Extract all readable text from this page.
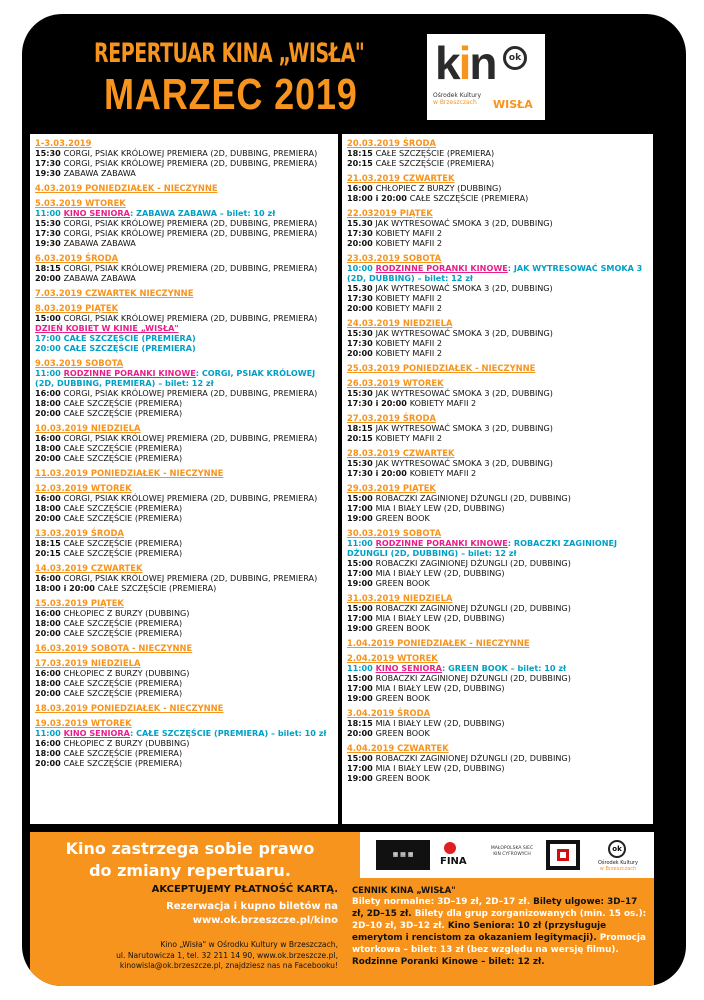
REPERTUAR KINA „WISŁA"
MARZEC 2019
1-3.03.2019
15:30 CORGI, PSIAK KRÓLOWEJ PREMIERA (2D, DUBBING, PREMIERA)
17:30 CORGI, PSIAK KRÓLOWEJ PREMIERA (2D, DUBBING, PREMIERA)
19:30 ZABAWA ZABAWA
4.03.2019 PONIEDZIAŁEK - NIECZYNNE
5.03.2019 WTOREK
11:00 KINO SENIORA: ZABAWA ZABAWA – bilet: 10 zł
15:30 CORGI, PSIAK KRÓLOWEJ PREMIERA (2D, DUBBING, PREMIERA)
17:30 CORGI, PSIAK KRÓLOWEJ PREMIERA (2D, DUBBING, PREMIERA)
19:30 ZABAWA ZABAWA
6.03.2019 ŚRODA
18:15 CORGI, PSIAK KRÓLOWEJ PREMIERA (2D, DUBBING, PREMIERA)
20:00 ZABAWA ZABAWA
7.03.2019 CZWARTEK NIECZYNNE
8.03.2019 PIĄTEK
15:00 CORGI, PSIAK KRÓLOWEJ PREMIERA (2D, DUBBING, PREMIERA)
DZIEŃ KOBIET W KINIE „WISŁA"
17:00 CAŁE SZCZĘŚCIE (PREMIERA)
20:00 CAŁE SZCZĘŚCIE (PREMIERA)
9.03.2019 SOBOTA
11:00 RODZINNE PORANKI KINOWE: CORGI, PSIAK KRÓLOWEJ (2D, DUBBING, PREMIERA) – bilet: 12 zł
16:00 CORGI, PSIAK KRÓLOWEJ PREMIERA (2D, DUBBING, PREMIERA)
18:00 CAŁE SZCZĘŚCIE (PREMIERA)
20:00 CAŁE SZCZĘŚCIE (PREMIERA)
10.03.2019 NIEDZIELA
16:00 CORGI, PSIAK KRÓLOWEJ PREMIERA (2D, DUBBING, PREMIERA)
18:00 CAŁE SZCZĘŚCIE (PREMIERA)
20:00 CAŁE SZCZĘŚCIE (PREMIERA)
11.03.2019 PONIEDZIAŁEK - NIECZYNNE
12.03.2019 WTOREK
16:00 CORGI, PSIAK KRÓLOWEJ PREMIERA (2D, DUBBING, PREMIERA)
18:00 CAŁE SZCZĘŚCIE (PREMIERA)
20:00 CAŁE SZCZĘŚCIE (PREMIERA)
13.03.2019 ŚRODA
18:15 CAŁE SZCZĘŚCIE (PREMIERA)
20:15 CAŁE SZCZĘŚCIE (PREMIERA)
14.03.2019 CZWARTEK
16:00 CORGI, PSIAK KRÓLOWEJ PREMIERA (2D, DUBBING, PREMIERA)
18:00 i 20:00 CAŁE SZCZĘŚCIE (PREMIERA)
15.03.2019 PIĄTEK
16:00 CHŁOPIEC Z BURZY (DUBBING)
18:00 CAŁE SZCZĘŚCIE (PREMIERA)
20:00 CAŁE SZCZĘŚCIE (PREMIERA)
16.03.2019 SOBOTA - NIECZYNNE
17.03.2019 NIEDZIELA
16:00 CHŁOPIEC Z BURZY (DUBBING)
18:00 CAŁE SZCZĘŚCIE (PREMIERA)
20:00 CAŁE SZCZĘŚCIE (PREMIERA)
18.03.2019 PONIEDZIAŁEK - NIECZYNNE
19.03.2019 WTOREK
11:00 KINO SENIORA: CAŁE SZCZĘŚCIE (PREMIERA) – bilet: 10 zł
16:00 CHŁOPIEC Z BURZY (DUBBING)
18:00 CAŁE SZCZĘŚCIE (PREMIERA)
20:00 CAŁE SZCZĘŚCIE (PREMIERA)
20.03.2019 ŚRODA
18:15 CAŁE SZCZĘŚCIE (PREMIERA)
20:15 CAŁE SZCZĘŚCIE (PREMIERA)
21.03.2019 CZWARTEK
16:00 CHŁOPIEC Z BURZY (DUBBING)
18:00 i 20:00 CAŁE SZCZĘŚCIE (PREMIERA)
22.032019 PIĄTEK
15.30 JAK WYTRESOWAĆ SMOKA 3 (2D, DUBBING)
17:30 KOBIETY MAFII 2
20:00 KOBIETY MAFII 2
23.03.2019 SOBOTA
10:00 RODZINNE PORANKI KINOWE: JAK WYTRESOWAĆ SMOKA 3 (2D, DUBBING) – bilet: 12 zł
15.30 JAK WYTRESOWAĆ SMOKA 3 (2D, DUBBING)
17:30 KOBIETY MAFII 2
20:00 KOBIETY MAFII 2
24.03.2019 NIEDZIELA
15:30 JAK WYTRESOWAĆ SMOKA 3 (2D, DUBBING)
17:30 KOBIETY MAFII 2
20:00 KOBIETY MAFII 2
25.03.2019 PONIEDZIAŁEK - NIECZYNNE
26.03.2019 WTOREK
15:30 JAK WYTRESOWAĆ SMOKA 3 (2D, DUBBING)
17:30 i 20:00 KOBIETY MAFII 2
27.03.2019 ŚRODA
18:15 JAK WYTRESOWAĆ SMOKA 3 (2D, DUBBING)
20:15 KOBIETY MAFII 2
28.03.2019 CZWARTEK
15:30 JAK WYTRESOWAĆ SMOKA 3 (2D, DUBBING)
17:30 i 20:00 KOBIETY MAFII 2
29.03.2019 PIĄTEK
15:00 ROBACZKI ZAGINIONEJ DŻUNGLI (2D, DUBBING)
17:00 MIA I BIAŁY LEW (2D, DUBBING)
19:00 GREEN BOOK
30.03.2019 SOBOTA
11:00 RODZINNE PORANKI KINOWE: ROBACZKI ZAGINIONEJ DŻUNGLI (2D, DUBBING) – bilet: 12 zł
15:00 ROBACZKI ZAGINIONEJ DŻUNGLI (2D, DUBBING)
17:00 MIA I BIAŁY LEW (2D, DUBBING)
19:00 GREEN BOOK
31.03.2019 NIEDZIELA
15:00 ROBACZKI ZAGINIONEJ DŻUNGLI (2D, DUBBING)
17:00 MIA I BIAŁY LEW (2D, DUBBING)
19:00 GREEN BOOK
1.04.2019 PONIEDZIAŁEK - NIECZYNNE
2.04.2019 WTOREK
11:00 KINO SENIORA: GREEN BOOK – bilet: 10 zł
15:00 ROBACZKI ZAGINIONEJ DŻUNGLI (2D, DUBBING)
17:00 MIA I BIAŁY LEW (2D, DUBBING)
19:00 GREEN BOOK
3.04.2019 ŚRODA
18:15 MIA I BIAŁY LEW (2D, DUBBING)
20:00 GREEN BOOK
4.04.2019 CZWARTEK
15:00 ROBACZKI ZAGINIONEJ DŻUNGLI (2D, DUBBING)
17:00 MIA I BIAŁY LEW (2D, DUBBING)
19:00 GREEN BOOK
▦ ▦ ▦
FINA
MAŁOPOLSKA SIEĆ
KIN CYFROWYCH
ok
Ośrodek Kultury
w Brzeszczach
Kino zastrzega sobie prawo
do zmiany repertuaru.
AKCEPTUJEMY PŁATNOŚĆ KARTĄ.
Rezerwacja i kupno biletów na
www.ok.brzeszcze.pl/kino
Kino „Wisła" w Ośrodku Kultury w Brzeszczach,
ul. Narutowicza 1, tel. 32 211 14 90, www.ok.brzeszcze.pl,
kinowisla@ok.brzeszcze.pl, znajdziesz nas na Facebooku!
CENNIK KINA „WISŁA"
Bilety normalne: 3D–19 zł, 2D–17 zł. Bilety ulgowe: 3D–17 zł, 2D–15 zł. Bilety dla grup zorganizowanych (min. 15 os.): 2D–10 zł, 3D–12 zł. Kino Seniora: 10 zł (przysługuje emerytom i rencistom za okazaniem legitymacji). Promocja wtorkowa – bilet: 13 zł (bez względu na wersję filmu).
Rodzinne Poranki Kinowe – bilet: 12 zł.
kin	ok
Ośrodek Kultury
w Brzeszczach	WISŁA
